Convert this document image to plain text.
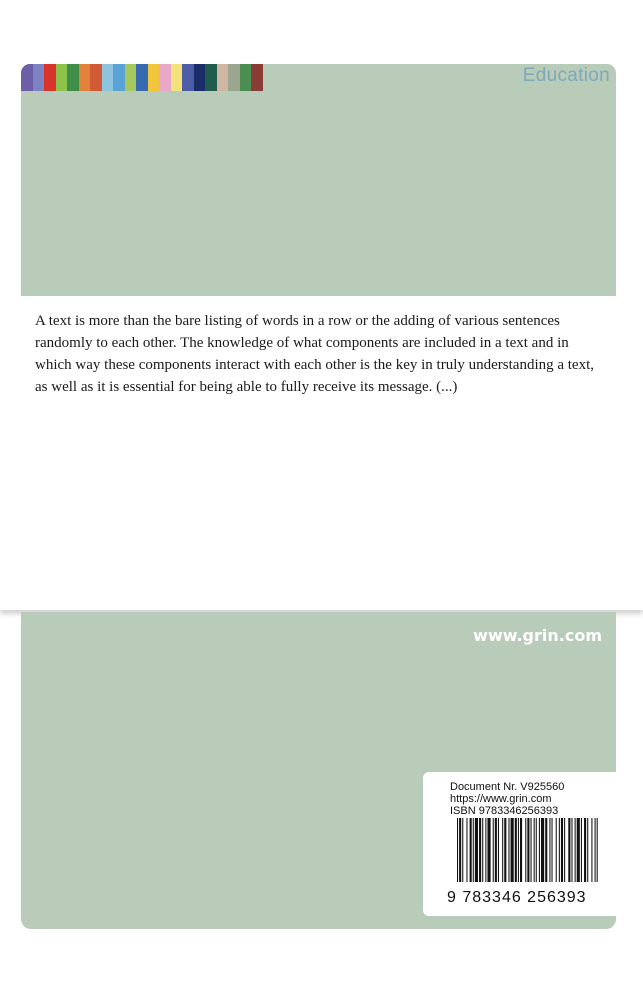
Education

A text is more than the bare listing of words in a row or the adding of various sentences randomly to each other. The knowledge of what components are included in a text and in which way these components interact with each other is the key in truly understanding a text, as well as it is essential for being able to fully receive its message. (...)

www.grin.com
Document Nr. V925560
https://www.grin.com
ISBN 9783346256393
9 783346 256393
